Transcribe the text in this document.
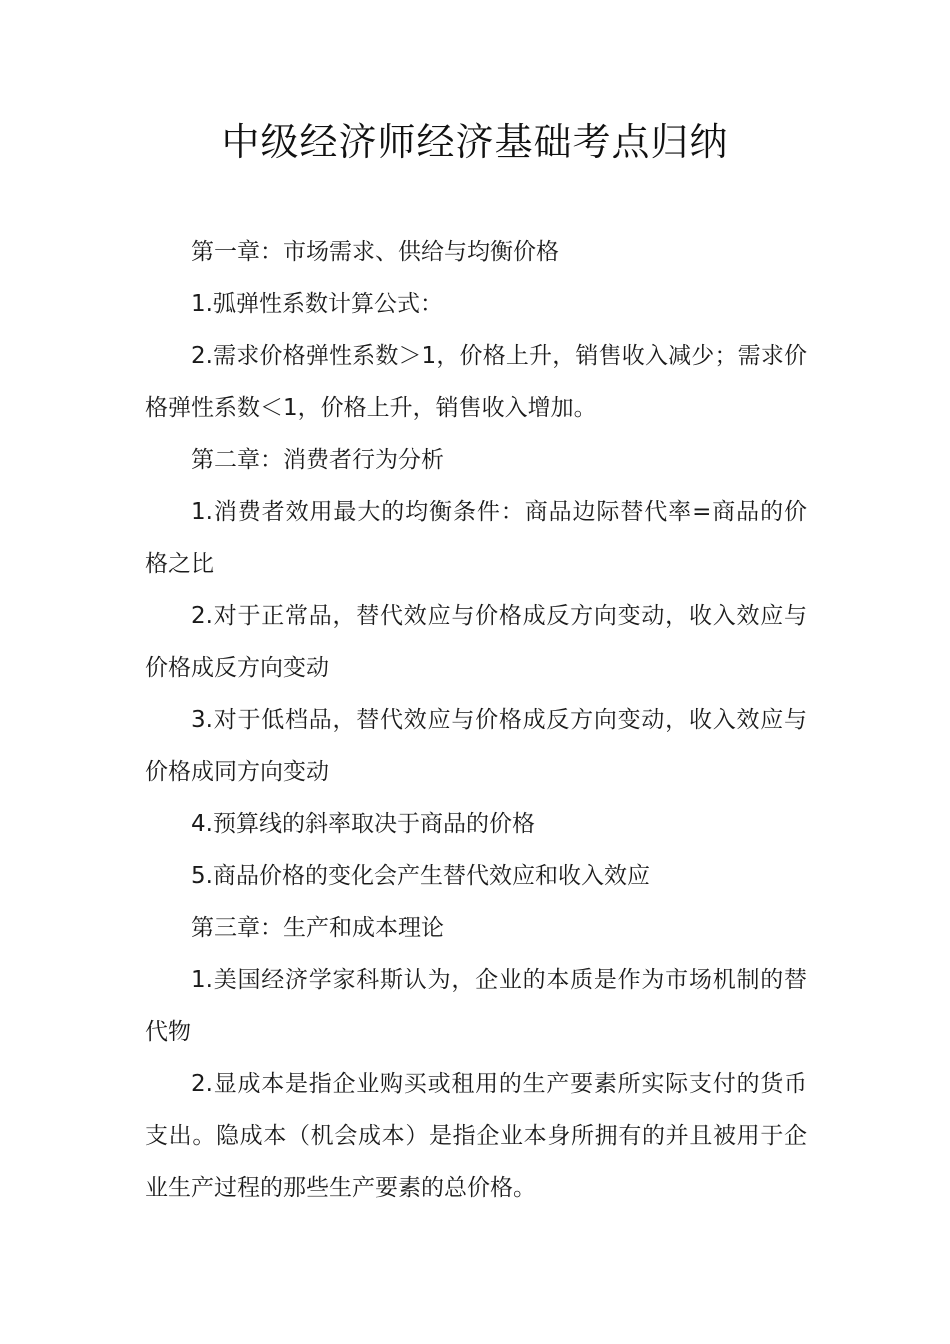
中级经济师经济基础考点归纳

第一章：市场需求、供给与均衡价格

1.弧弹性系数计算公式：

2.需求价格弹性系数＞1，价格上升，销售收入减少；需求价格弹性系数＜1，价格上升，销售收入增加。

第二章：消费者行为分析

1.消费者效用最大的均衡条件：商品边际替代率=商品的价格之比

2.对于正常品，替代效应与价格成反方向变动，收入效应与价格成反方向变动

3.对于低档品，替代效应与价格成反方向变动，收入效应与价格成同方向变动

4.预算线的斜率取决于商品的价格

5.商品价格的变化会产生替代效应和收入效应

第三章：生产和成本理论

1.美国经济学家科斯认为，企业的本质是作为市场机制的替代物

2.显成本是指企业购买或租用的生产要素所实际支付的货币支出。隐成本（机会成本）是指企业本身所拥有的并且被用于企业生产过程的那些生产要素的总价格。
